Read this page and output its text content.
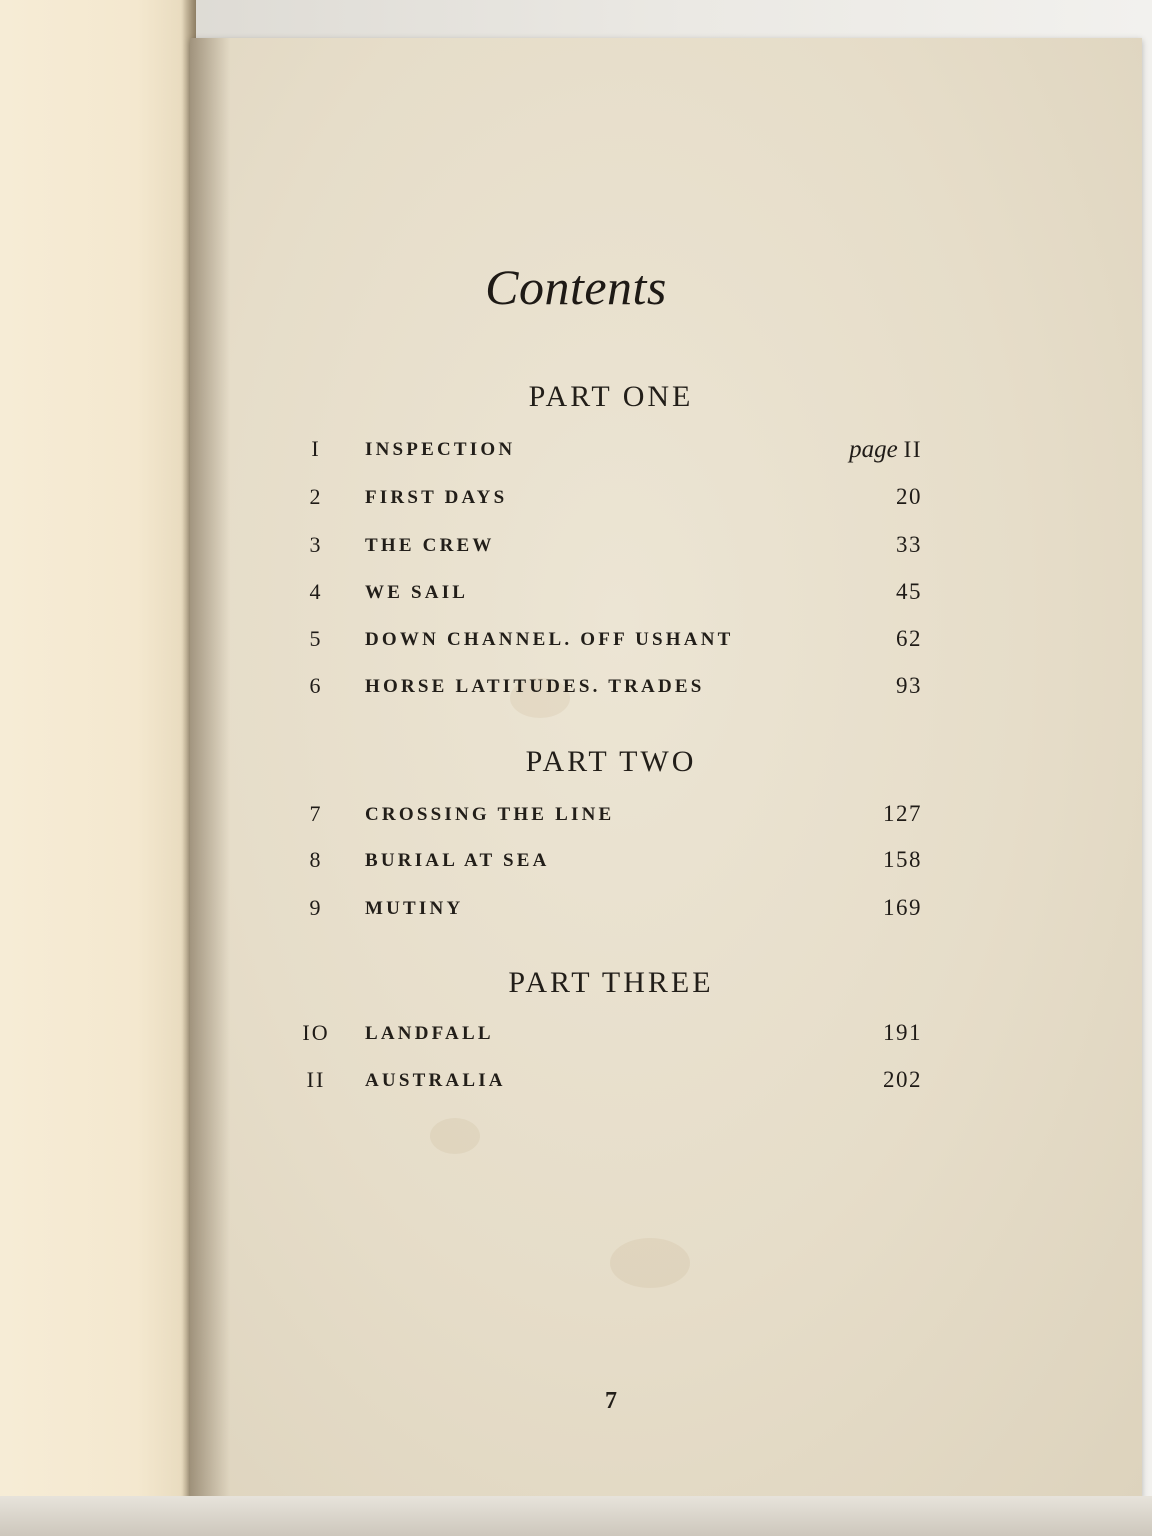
Contents
PART ONE
I	INSPECTION	page II
2	FIRST DAYS	20
3	THE CREW	33
4	WE SAIL	45
5	DOWN CHANNEL. OFF USHANT	62
6	HORSE LATITUDES. TRADES	93
PART TWO
7	CROSSING THE LINE	127
8	BURIAL AT SEA	158
9	MUTINY	169
PART THREE
IO	LANDFALL	191
II	AUSTRALIA	202
7
